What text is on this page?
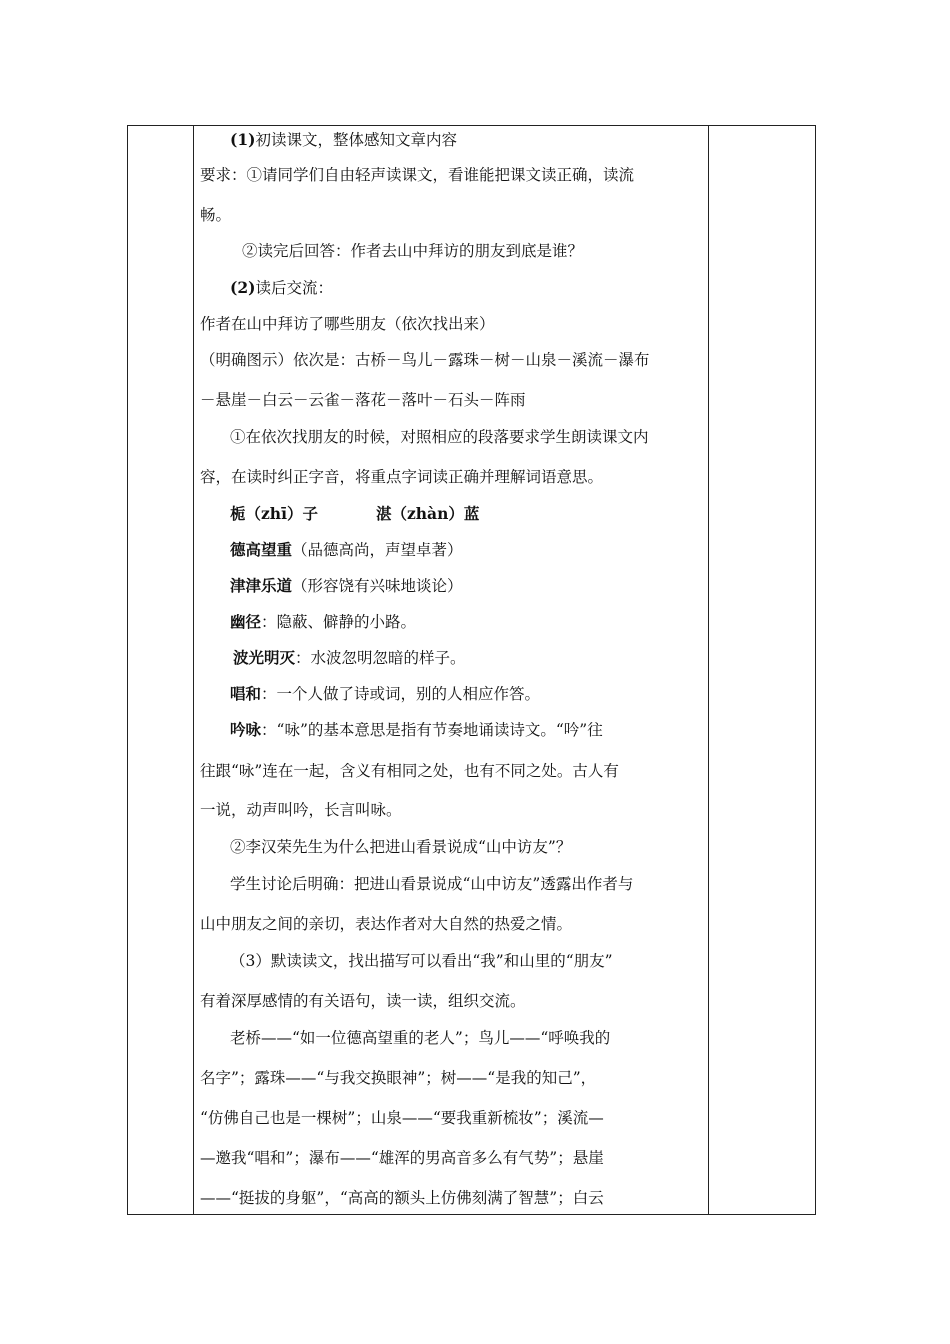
(1)初读课文，整体感知文章内容
要求：①请同学们自由轻声读课文，看谁能把课文读正确，读流
畅。
②读完后回答：作者去山中拜访的朋友到底是谁？
(2)读后交流：
作者在山中拜访了哪些朋友（依次找出来）
（明确图示）依次是：古桥－鸟儿－露珠－树－山泉－溪流－瀑布
－悬崖－白云－云雀－落花－落叶－石头－阵雨
①在依次找朋友的时候，对照相应的段落要求学生朗读课文内
容，在读时纠正字音，将重点字词读正确并理解词语意思。
栀（zhī）子	湛（zhàn）蓝
德高望重（品德高尚，声望卓著）
津津乐道（形容饶有兴味地谈论）
幽径：隐蔽、僻静的小路。
波光明灭：水波忽明忽暗的样子。
唱和：一个人做了诗或词，别的人相应作答。
吟咏：“咏”的基本意思是指有节奏地诵读诗文。“吟”往
往跟“咏”连在一起，含义有相同之处，也有不同之处。古人有
一说，动声叫吟，长言叫咏。
②李汉荣先生为什么把进山看景说成“山中访友”？
学生讨论后明确：把进山看景说成“山中访友”透露出作者与
山中朋友之间的亲切，表达作者对大自然的热爱之情。
（3）默读读文，找出描写可以看出“我”和山里的“朋友”
有着深厚感情的有关语句，读一读，组织交流。
老桥——“如一位德高望重的老人”；鸟儿——“呼唤我的
名字”；露珠——“与我交换眼神”；树——“是我的知己”，
“仿佛自己也是一棵树”；山泉——“要我重新梳妆”；溪流—
—邀我“唱和”；瀑布——“雄浑的男高音多么有气势”；悬崖
——“挺拔的身躯”，“高高的额头上仿佛刻满了智慧”；白云
